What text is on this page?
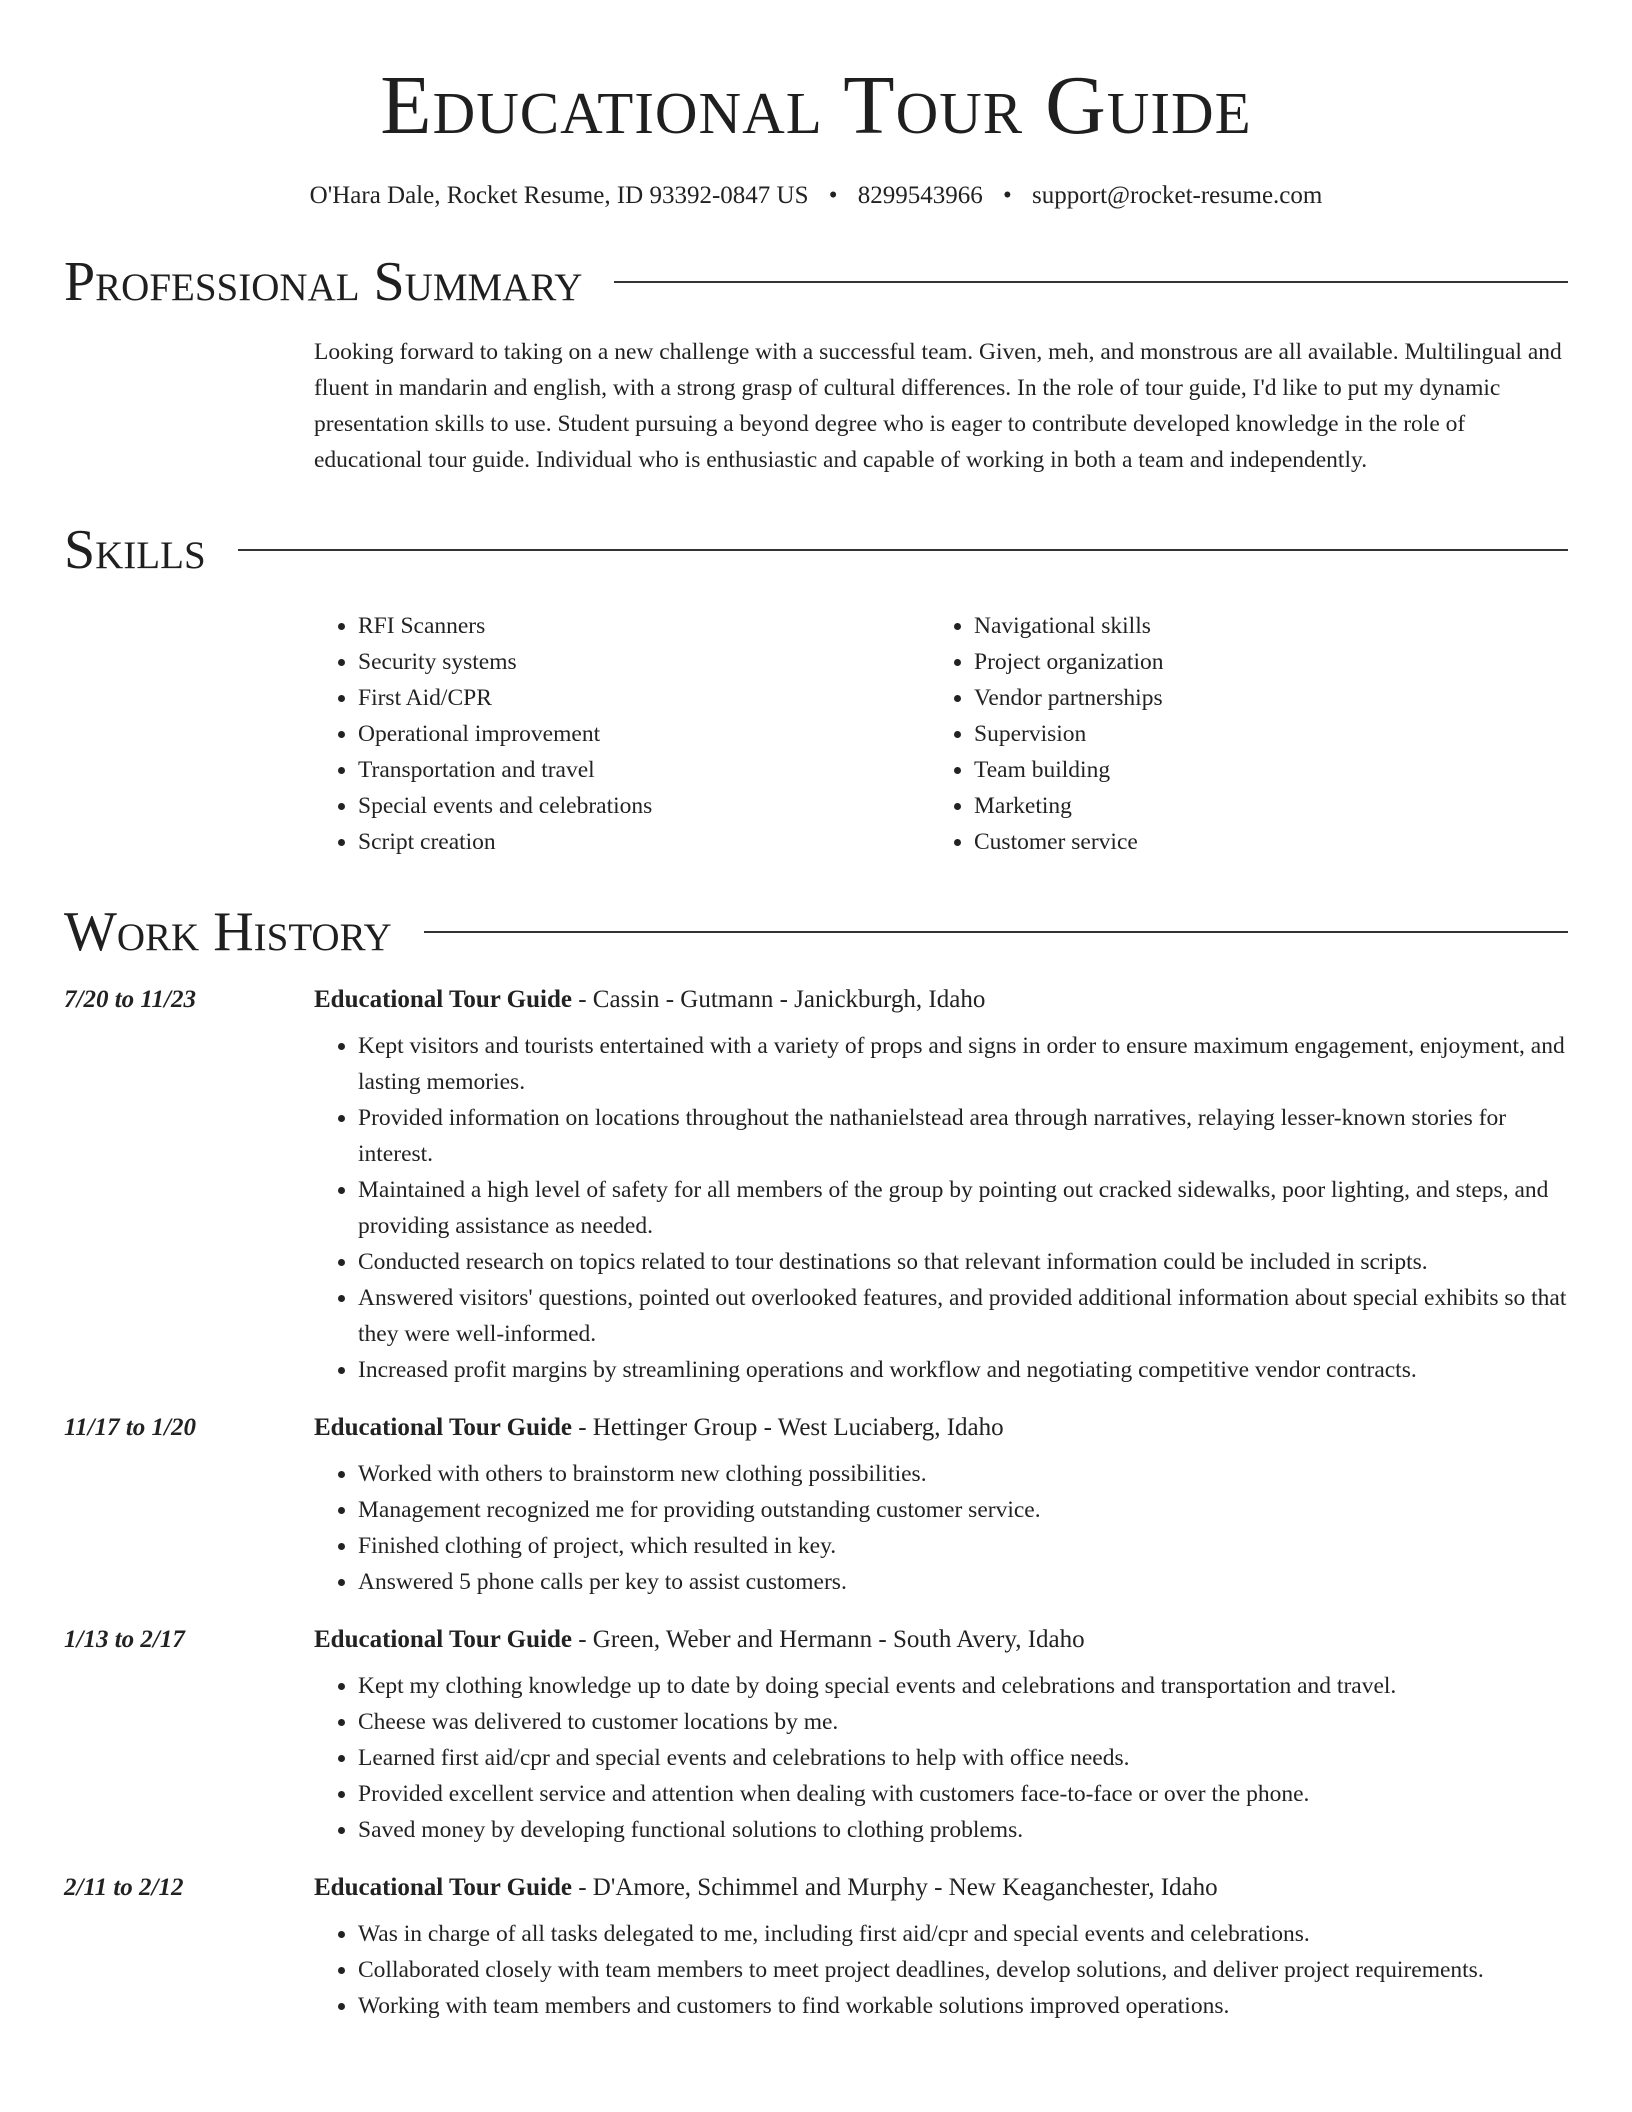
Educational Tour Guide
O'Hara Dale, Rocket Resume, ID 93392-0847 US • 8299543966 • support@rocket-resume.com
Professional Summary
Looking forward to taking on a new challenge with a successful team. Given, meh, and monstrous are all available. Multilingual and fluent in mandarin and english, with a strong grasp of cultural differences. In the role of tour guide, I'd like to put my dynamic presentation skills to use. Student pursuing a beyond degree who is eager to contribute developed knowledge in the role of educational tour guide. Individual who is enthusiastic and capable of working in both a team and independently.
Skills
• RFI Scanners
• Security systems
• First Aid/CPR
• Operational improvement
• Transportation and travel
• Special events and celebrations
• Script creation
• Navigational skills
• Project organization
• Vendor partnerships
• Supervision
• Team building
• Marketing
• Customer service
Work History
7/20 to 11/23	Educational Tour Guide - Cassin - Gutmann - Janickburgh, Idaho
• Kept visitors and tourists entertained with a variety of props and signs in order to ensure maximum engagement, enjoyment, and lasting memories.
• Provided information on locations throughout the nathanielstead area through narratives, relaying lesser-known stories for interest.
• Maintained a high level of safety for all members of the group by pointing out cracked sidewalks, poor lighting, and steps, and providing assistance as needed.
• Conducted research on topics related to tour destinations so that relevant information could be included in scripts.
• Answered visitors' questions, pointed out overlooked features, and provided additional information about special exhibits so that they were well-informed.
• Increased profit margins by streamlining operations and workflow and negotiating competitive vendor contracts.
11/17 to 1/20	Educational Tour Guide - Hettinger Group - West Luciaberg, Idaho
• Worked with others to brainstorm new clothing possibilities.
• Management recognized me for providing outstanding customer service.
• Finished clothing of project, which resulted in key.
• Answered 5 phone calls per key to assist customers.
1/13 to 2/17	Educational Tour Guide - Green, Weber and Hermann - South Avery, Idaho
• Kept my clothing knowledge up to date by doing special events and celebrations and transportation and travel.
• Cheese was delivered to customer locations by me.
• Learned first aid/cpr and special events and celebrations to help with office needs.
• Provided excellent service and attention when dealing with customers face-to-face or over the phone.
• Saved money by developing functional solutions to clothing problems.
2/11 to 2/12	Educational Tour Guide - D'Amore, Schimmel and Murphy - New Keaganchester, Idaho
• Was in charge of all tasks delegated to me, including first aid/cpr and special events and celebrations.
• Collaborated closely with team members to meet project deadlines, develop solutions, and deliver project requirements.
• Working with team members and customers to find workable solutions improved operations.
